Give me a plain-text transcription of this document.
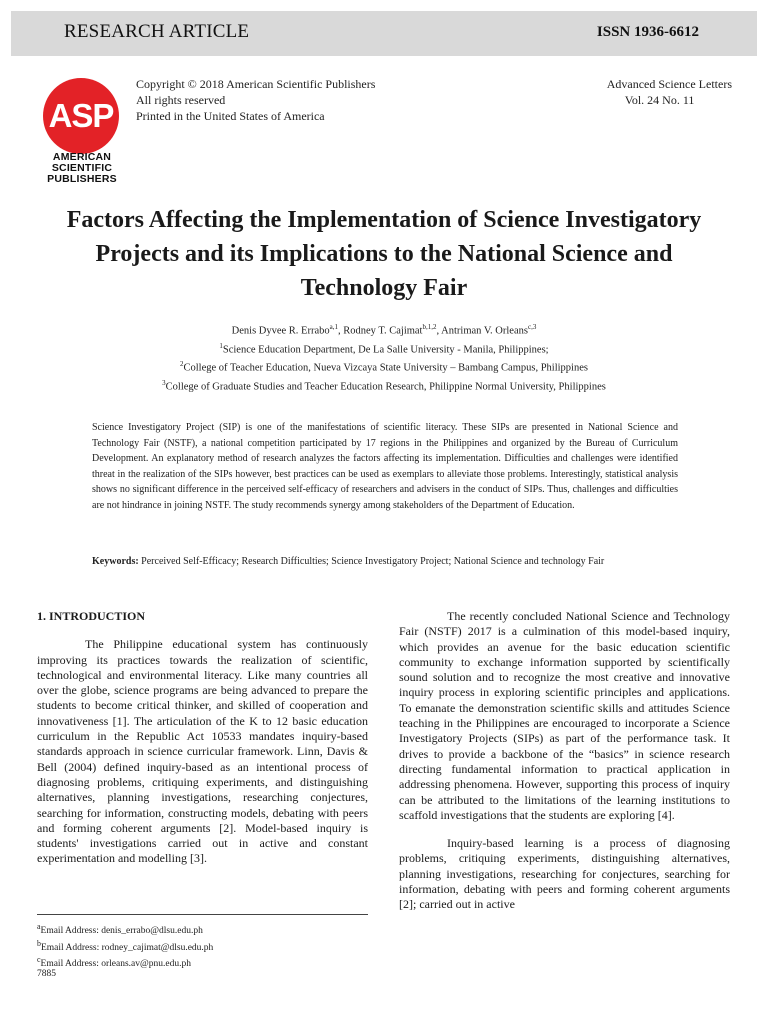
RESEARCH ARTICLE	ISSN 1936-6612
ASP
AMERICAN
SCIENTIFIC
PUBLISHERS
Copyright © 2018 American Scientific Publishers
All rights reserved
Printed in the United States of America
Advanced Science Letters
Vol. 24 No. 11
Factors Affecting the Implementation of Science Investigatory Projects and its Implications to the National Science and Technology Fair
Denis Dyvee R. Errabo$^{a,1}$, Rodney T. Cajimat$^{b,1,2}$, Antriman V. Orleans$^{c,3}$
$^1$Science Education Department, De La Salle University - Manila, Philippines;
$^2$College of Teacher Education, Nueva Vizcaya State University – Bambang Campus, Philippines
$^3$College of Graduate Studies and Teacher Education Research, Philippine Normal University, Philippines

Science Investigatory Project (SIP) is one of the manifestations of scientific literacy. These SIPs are presented in National Science and Technology Fair (NSTF), a national competition participated by 17 regions in the Philippines and organized by the Bureau of Curriculum Development. An explanatory method of research analyzes the factors affecting its implementation. Difficulties and challenges were identified threat in the realization of the SIPs however, best practices can be used as exemplars to alleviate those problems. Interestingly, statistical analysis shows no significant difference in the perceived self-efficacy of researchers and advisers in the conduct of SIPs. Thus, challenges and difficulties are not hindrance in joining NSTF. The study recommends synergy among stakeholders of the Department of Education.

Keywords: Perceived Self-Efficacy; Research Difficulties; Science Investigatory Project; National Science and technology Fair
1. INTRODUCTION

The Philippine educational system has continuously improving its practices towards the realization of scientific, technological and environmental literacy. Like many countries all over the globe, science programs are being advanced to prepare the students to become critical thinker, and skilled of cooperation and innovativeness [1]. The articulation of the K to 12 basic education curriculum in the Republic Act 10533 mandates inquiry-based standards approach in science curricular framework. Linn, Davis & Bell (2004) defined inquiry-based as an intentional process of diagnosing problems, critiquing experiments, and distinguishing alternatives, planning investigations, researching conjectures, searching for information, constructing models, debating with peers and forming coherent arguments [2]. Model-based inquiry is students' investigations carried out in active and constant experimentation and modelling [3].

The recently concluded National Science and Technology Fair (NSTF) 2017 is a culmination of this model-based inquiry, which provides an avenue for the basic education scientific community to exchange information supported by scientifically sound solution and to recognize the most creative and innovative inquiry process in exploring scientific principles and applications. To emanate the demonstration scientific skills and attitudes Science teaching in the Philippines are encouraged to incorporate a Science Investigatory Projects (SIPs) as part of the performance task. It drives to provide a backbone of the “basics” in science research directing fundamental information to practical application in addressing phenomena. However, supporting this process of inquiry can be attributed to the limitations of the learning institutions to scaffold investigations that the students are exploring [4].

Inquiry-based learning is a process of diagnosing problems, critiquing experiments, distinguishing alternatives, planning investigations, researching for conjectures, searching for information, debating with peers and forming coherent arguments [2]; carried out in active

$^a$Email Address: denis_errabo@dlsu.edu.ph
$^b$Email Address: rodney_cajimat@dlsu.edu.ph
$^c$Email Address: orleans.av@pnu.edu.ph
7885
